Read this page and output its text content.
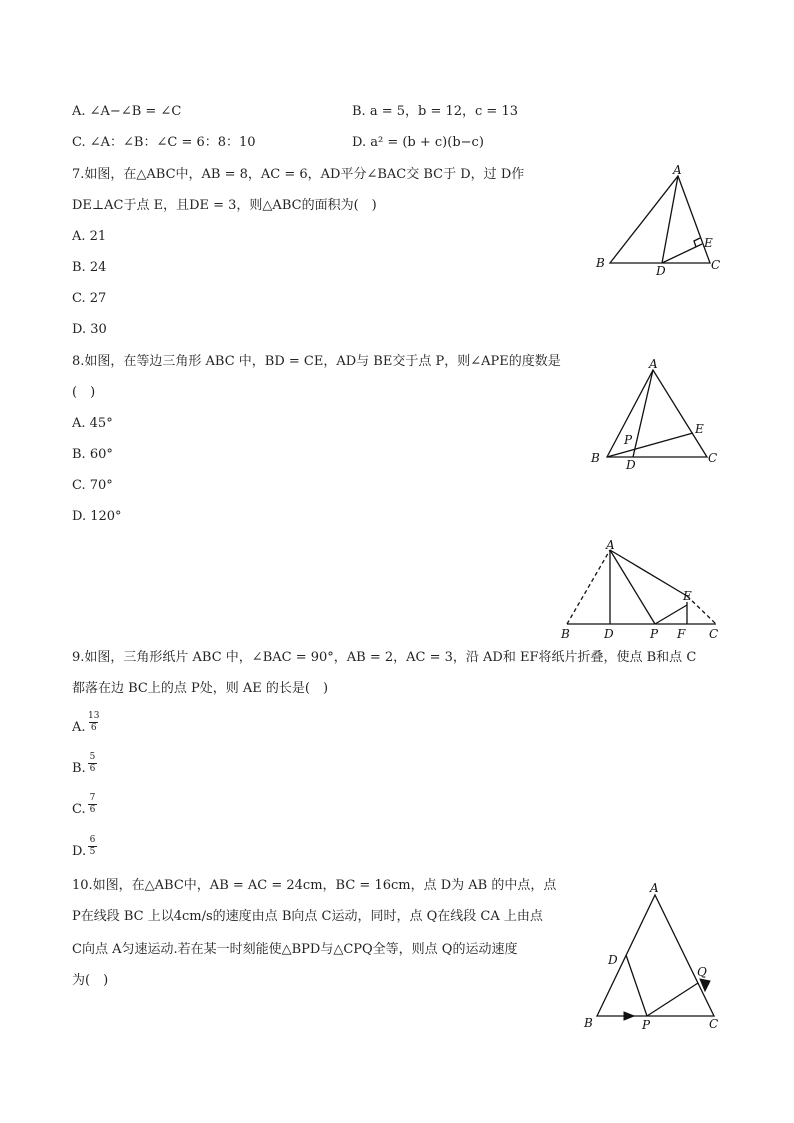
A. ∠A−∠B = ∠C	B. a = 5，b = 12，c = 13
C. ∠A：∠B：∠C = 6：8：10	D. a² = (b + c)(b−c)
7.如图，在△ABC中，AB = 8，AC = 6，AD平分∠BAC交 BC于 D，过 D作
DE⊥AC于点 E，且DE = 3，则△ABC的面积为(　)
A. 21
B. 24
C. 27
D. 30
A
B	C
D
E
8.如图，在等边三角形 ABC 中，BD = CE，AD与 BE交于点 P，则∠APE的度数是
(　)
A. 45°
B. 60°
C. 70°
D. 120°
A
B	C
D
E
P
A
B	C
D
E
F
P
9.如图，三角形纸片 ABC 中，∠BAC = 90°，AB = 2，AC = 3，沿 AD和 EF将纸片折叠，使点 B和点 C
都落在边 BC上的点 P处，则 AE 的长是(　)
A.
13
6
B.
5
6
C.
7
6
D.
6
5
10.如图，在△ABC中，AB = AC = 24cm，BC = 16cm，点 D为 AB 的中点，点
P在线段 BC 上以4cm/s的速度由点 B向点 C运动，同时，点 Q在线段 CA 上由点
C向点 A匀速运动.若在某一时刻能使△BPD与△CPQ全等，则点 Q的运动速度
为(　)
A
B	C
D
P
Q
